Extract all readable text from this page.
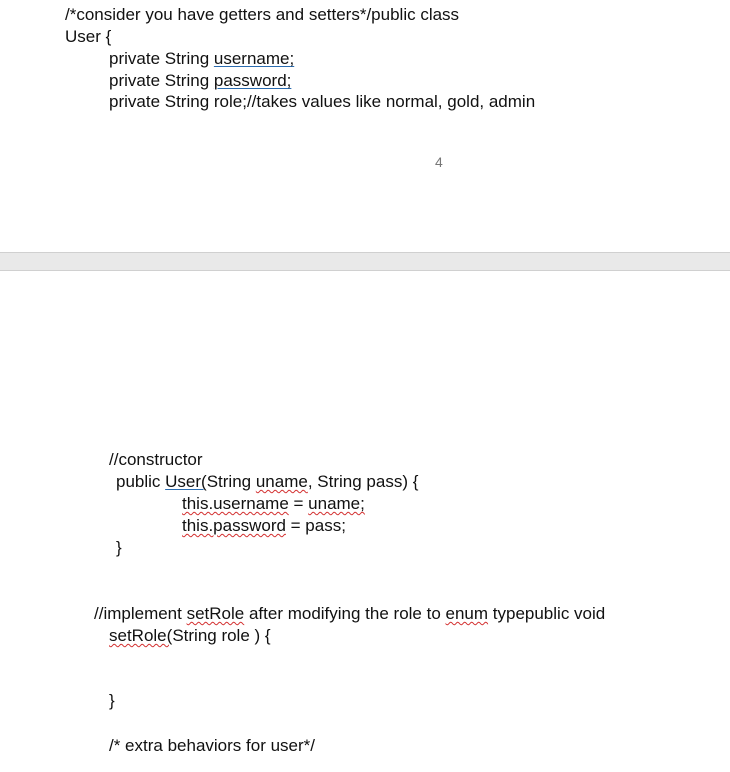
/*consider you have getters and setters*/public class
User {
private String username;
private String password;
private String role;//takes values like normal, gold, admin
4
//constructor
public User(String uname, String pass) {
this.username = uname;
this.password = pass;
}
//implement setRole after modifying the role to enum typepublic void
setRole(String role ) {
}
/* extra behaviors for user*/
